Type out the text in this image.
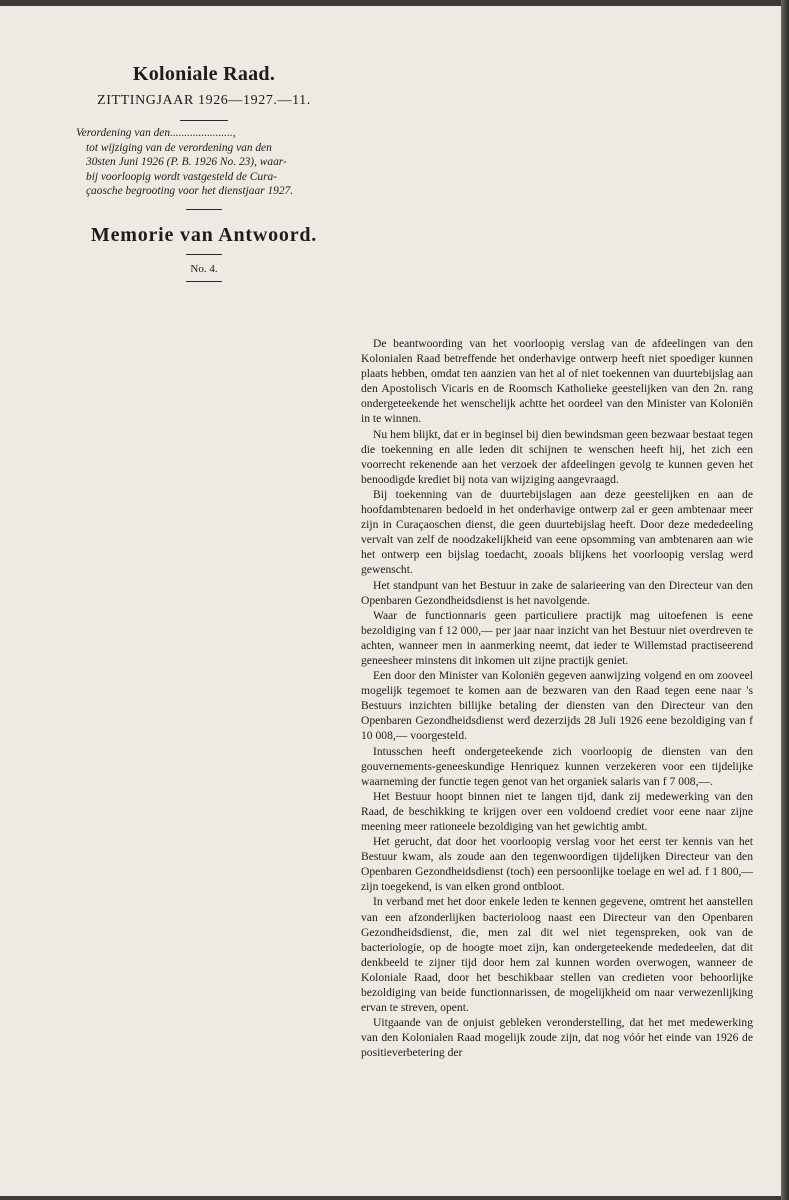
Koloniale Raad.
ZITTINGJAAR 1926—1927.—11.
Verordening van den......................,
tot wijziging van de verordening van den
30sten Juni 1926 (P. B. 1926 No. 23), waar-
bij voorloopig wordt vastgesteld de Cura-
çaosche begrooting voor het dienstjaar 1927.
Memorie van Antwoord.
No. 4.

De beantwoording van het voorloopig verslag van de afdeelingen van den Kolonialen Raad betreffende het onderhavige ontwerp heeft niet spoediger kunnen plaats hebben, omdat ten aanzien van het al of niet toekennen van duurtebijslag aan den Apostolisch Vicaris en de Roomsch Katholieke geestelijken van den 2n. rang ondergeteekende het wenschelijk achtte het oordeel van den Minister van Koloniën in te winnen.

Nu hem blijkt, dat er in beginsel bij dien bewindsman geen bezwaar bestaat tegen die toekenning en alle leden dit schijnen te wenschen heeft hij, het zich een voorrecht rekenende aan het verzoek der afdeelingen gevolg te kunnen geven het benoodigde krediet bij nota van wijziging aangevraagd.

Bij toekenning van de duurtebijslagen aan deze geestelijken en aan de hoofdambtenaren bedoeld in het onderhavige ontwerp zal er geen ambtenaar meer zijn in Curaçaoschen dienst, die geen duurtebijslag heeft. Door deze mededeeling vervalt van zelf de noodzakelijkheid van eene opsomming van ambtenaren aan wie het ontwerp een bijslag toedacht, zooals blijkens het voorloopig verslag werd gewenscht.

Het standpunt van het Bestuur in zake de salarieering van den Directeur van den Openbaren Gezondheidsdienst is het navolgende.

Waar de functionnaris geen particuliere practijk mag uitoefenen is eene bezoldiging van f 12 000,— per jaar naar inzicht van het Bestuur niet overdreven te achten, wanneer men in aanmerking neemt, dat ieder te Willemstad practiseerend geneesheer minstens dit inkomen uit zijne practijk geniet.

Een door den Minister van Koloniën gegeven aanwijzing volgend en om zooveel mogelijk tegemoet te komen aan de bezwaren van den Raad tegen eene naar 's Bestuurs inzichten billijke betaling der diensten van den Directeur van den Openbaren Gezondheidsdienst werd dezerzijds 28 Juli 1926 eene bezoldiging van f 10 008,— voorgesteld.

Intusschen heeft ondergeteekende zich voorloopig de diensten van den gouvernements-geneeskundige Henriquez kunnen verzekeren voor een tijdelijke waarneming der functie tegen genot van het organiek salaris van f 7 008,—.

Het Bestuur hoopt binnen niet te langen tijd, dank zij medewerking van den Raad, de beschikking te krijgen over een voldoend crediet voor eene naar zijne meening meer rationeele bezoldiging van het gewichtig ambt.

Het gerucht, dat door het voorloopig verslag voor het eerst ter kennis van het Bestuur kwam, als zoude aan den tegenwoordigen tijdelijken Directeur van den Openbaren Gezondheidsdienst (toch) een persoonlijke toelage en wel ad. f 1 800,— zijn toegekend, is van elken grond ontbloot.

In verband met het door enkele leden te kennen gegevene, omtrent het aanstellen van een afzonderlijken bacterioloog naast een Directeur van den Openbaren Gezondheidsdienst, die, men zal dit wel niet tegenspreken, ook van de bacteriologie, op de hoogte moet zijn, kan ondergeteekende mededeelen, dat dit denkbeeld te zijner tijd door hem zal kunnen worden overwogen, wanneer de Koloniale Raad, door het beschikbaar stellen van credieten voor behoorlijke bezoldiging van beide functionnarissen, de mogelijkheid om naar verwezenlijking ervan te streven, opent.

Uitgaande van de onjuist gebleken veronderstelling, dat het met medewerking van den Kolonialen Raad mogelijk zoude zijn, dat nog vóór het einde van 1926 de positieverbetering der
